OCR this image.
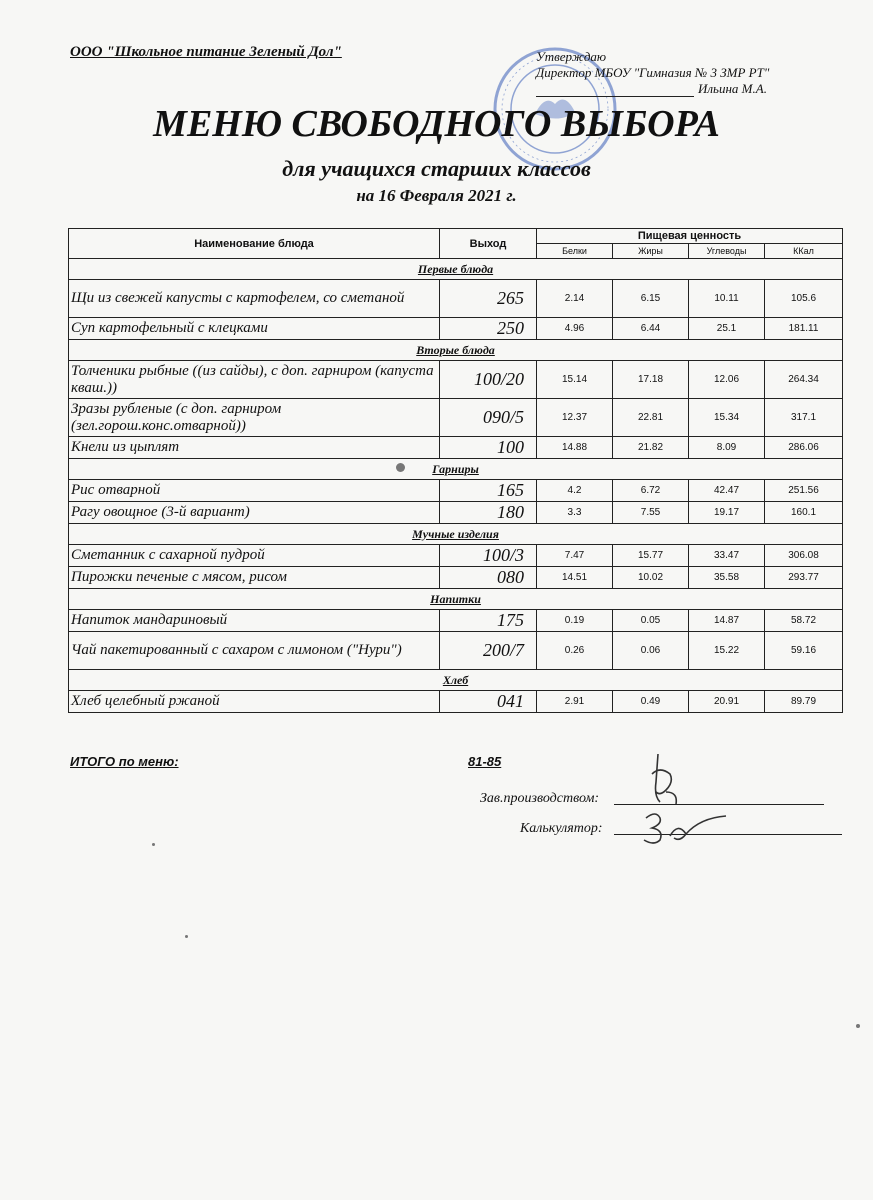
ООО "Школьное питание Зеленый Дол"	Утверждаю
Директор МБОУ "Гимназия № 3 ЗМР РТ"
Ильина М.А.
МЕНЮ СВОБОДНОГО ВЫБОРА
для учащихся старших классов
на 16 Февраля 2021 г.
Наименование блюда	Выход	Пищевая ценность			
		Белки	Жиры	Углеводы	ККал
Первые блюда					
Щи из свежей капусты с картофелем, со сметаной	265	2.14	6.15	10.11	105.6
Суп картофельный с клецками	250	4.96	6.44	25.1	181.11
Вторые блюда					
Толченики рыбные ((из сайды), с доп. гарниром (капуста кваш.))	100/20	15.14	17.18	12.06	264.34
Зразы рубленые (с доп. гарниром (зел.горош.конс.отварной))	090/5	12.37	22.81	15.34	317.1
Кнели из цыплят	100	14.88	21.82	8.09	286.06
Гарниры					
Рис отварной	165	4.2	6.72	42.47	251.56
Рагу овощное (3-й вариант)	180	3.3	7.55	19.17	160.1
Мучные изделия					
Сметанник с сахарной пудрой	100/3	7.47	15.77	33.47	306.08
Пирожки печеные с мясом, рисом	080	14.51	10.02	35.58	293.77
Напитки					
Напиток мандариновый	175	0.19	0.05	14.87	58.72
Чай пакетированный с сахаром с лимоном ("Нури")	200/7	0.26	0.06	15.22	59.16
Хлеб					
Хлеб целебный ржаной	041	2.91	0.49	20.91	89.79
ИТОГО по меню:	81-85
Зав.производством:
Калькулятор:
